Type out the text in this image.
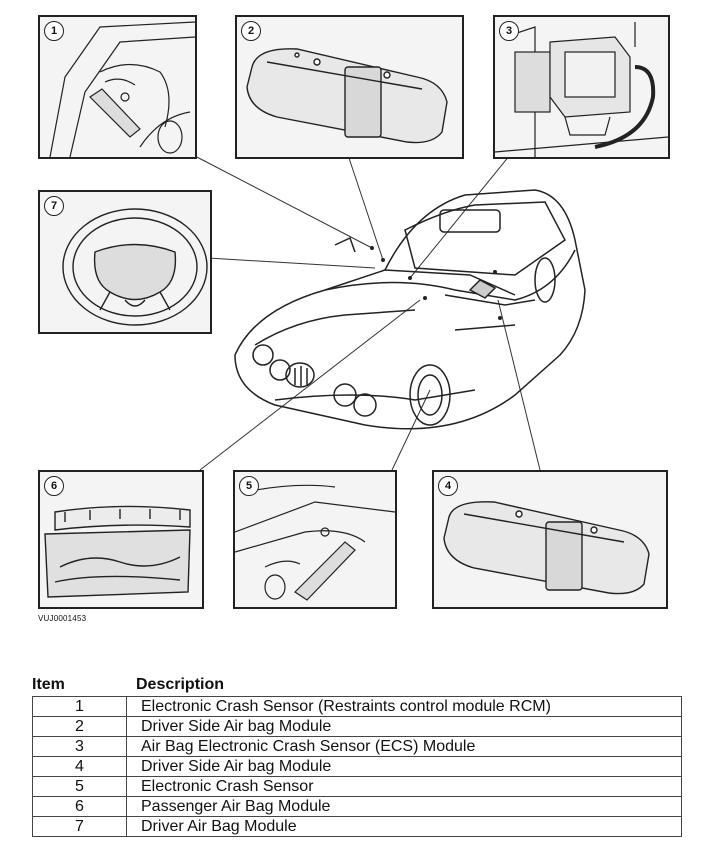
1	2	3
7
6	5	4
VUJ0001453
Item	Description
1	Electronic Crash Sensor (Restraints control module RCM)
2	Driver Side Air bag Module
3	Air Bag Electronic Crash Sensor (ECS) Module
4	Driver Side Air bag Module
5	Electronic Crash Sensor
6	Passenger Air Bag Module
7	Driver Air Bag Module
